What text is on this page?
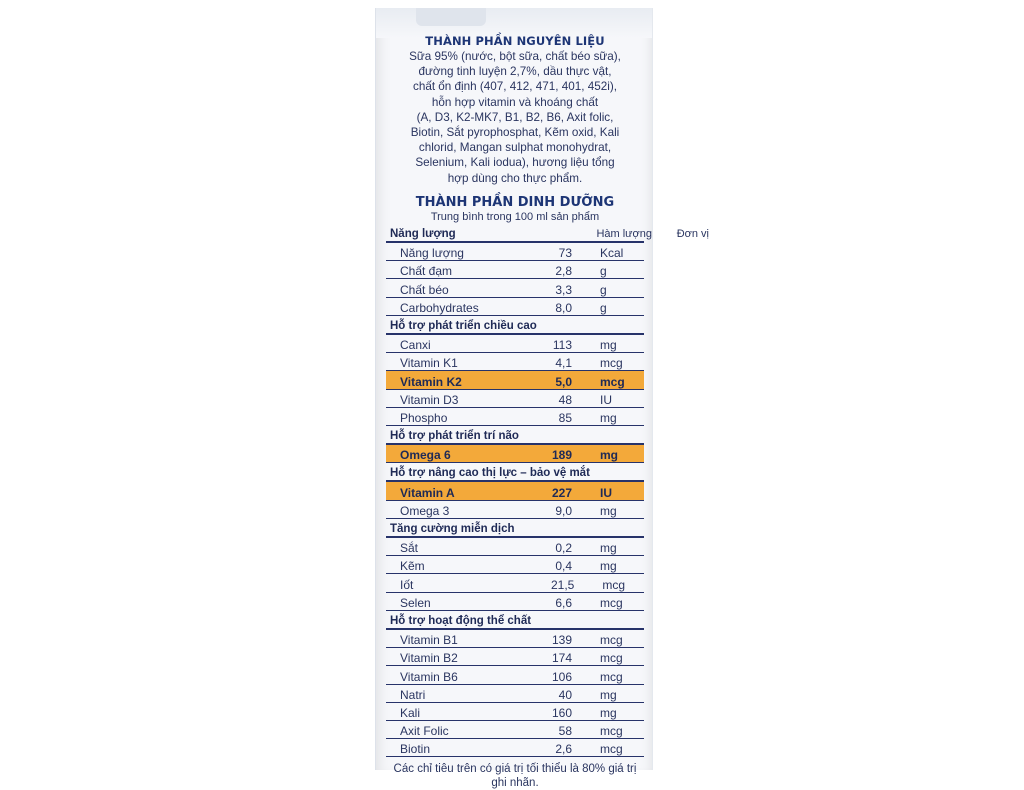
THÀNH PHẦN NGUYÊN LIỆU
Sữa 95% (nước, bột sữa, chất béo sữa),
đường tinh luyện 2,7%, dầu thực vật,
chất ổn định (407, 412, 471, 401, 452i),
hỗn hợp vitamin và khoáng chất
(A, D3, K2-MK7, B1, B2, B6, Axit folic,
Biotin, Sắt pyrophosphat, Kẽm oxid, Kali
chlorid, Mangan sulphat monohydrat,
Selenium, Kali iodua), hương liệu tổng
hợp dùng cho thực phẩm.
THÀNH PHẦN DINH DƯỠNG
Trung bình trong 100 ml sản phẩm
Năng lượng	Hàm lượng	Đơn vị
Năng lượng	73	Kcal
Chất đạm	2,8	g
Chất béo	3,3	g
Carbohydrates	8,0	g
Hỗ trợ phát triển chiều cao
Canxi	113	mg
Vitamin K1	4,1	mcg
Vitamin K2	5,0	mcg
Vitamin D3	48	IU
Phospho	85	mg
Hỗ trợ phát triển trí não
Omega 6	189	mg
Hỗ trợ nâng cao thị lực – bảo vệ mắt
Vitamin A	227	IU
Omega 3	9,0	mg
Tăng cường miễn dịch
Sắt	0,2	mg
Kẽm	0,4	mg
Iốt	21,5	mcg
Selen	6,6	mcg
Hỗ trợ hoạt động thể chất
Vitamin B1	139	mcg
Vitamin B2	174	mcg
Vitamin B6	106	mcg
Natri	40	mg
Kali	160	mg
Axit Folic	58	mcg
Biotin	2,6	mcg
Các chỉ tiêu trên có giá trị tối thiểu là 80% giá trị ghi nhãn.
